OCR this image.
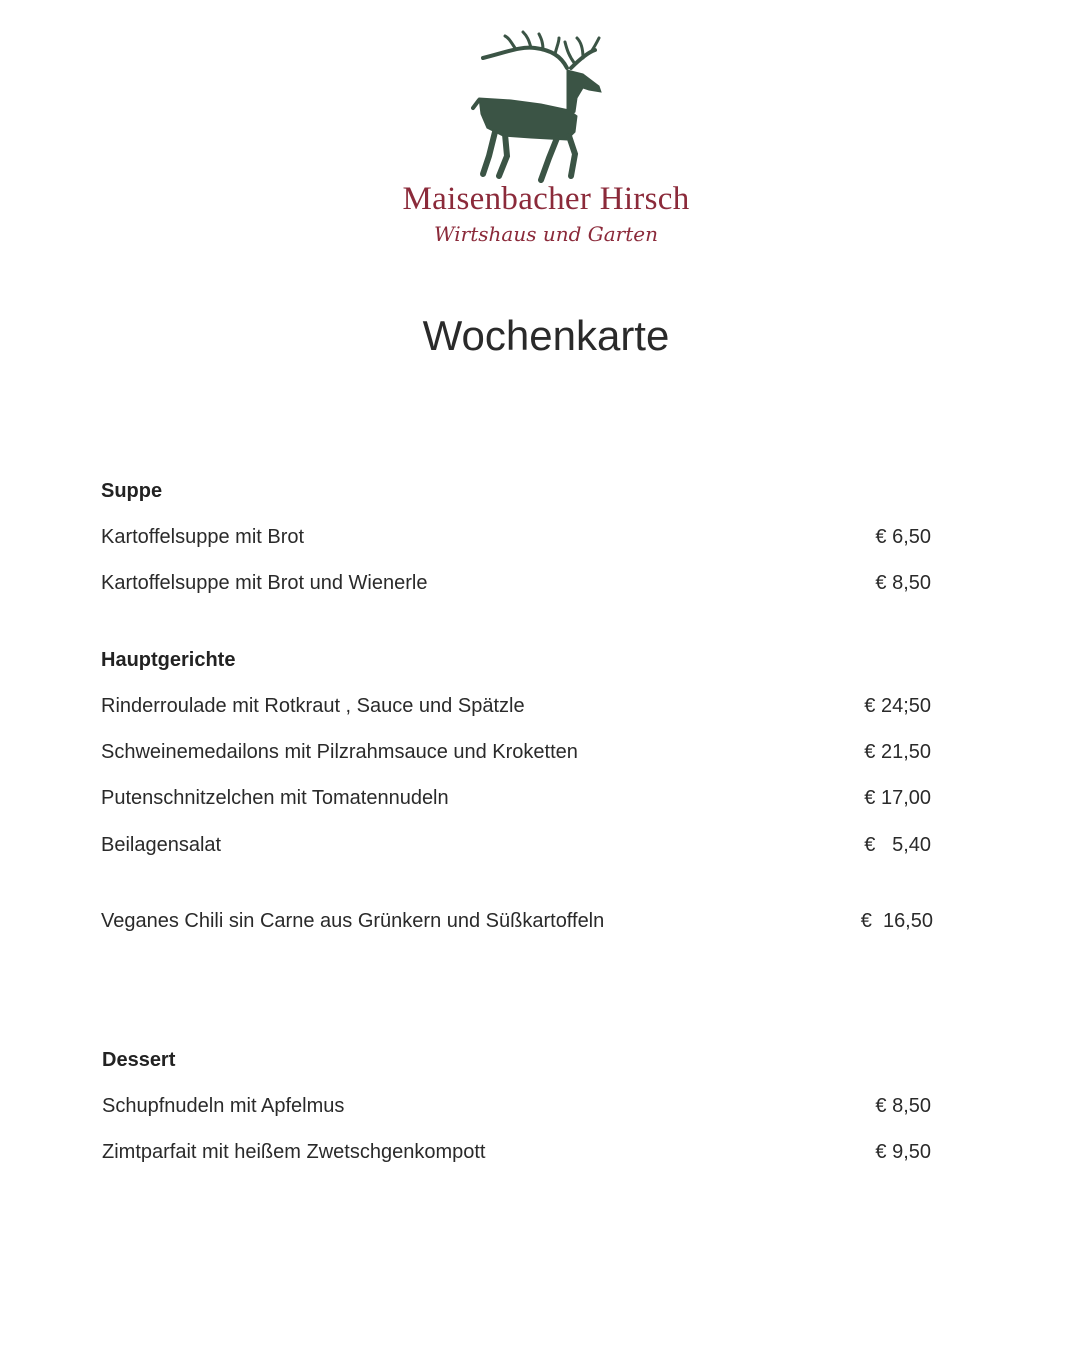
Maisenbacher Hirsch
Wirtshaus und Garten
Wochenkarte
Suppe
Kartoffelsuppe mit Brot	€ 6,50
Kartoffelsuppe mit Brot und Wienerle	€ 8,50
Hauptgerichte
Rinderroulade mit Rotkraut , Sauce und Spätzle	€ 24;50
Schweinemedailons mit Pilzrahmsauce und Kroketten	€ 21,50
Putenschnitzelchen mit Tomatennudeln	€ 17,00
Beilagensalat	€   5,40
Veganes Chili sin Carne aus Grünkern und Süßkartoffeln	€  16,50
Dessert
Schupfnudeln mit Apfelmus	€ 8,50
Zimtparfait mit heißem Zwetschgenkompott	€ 9,50
